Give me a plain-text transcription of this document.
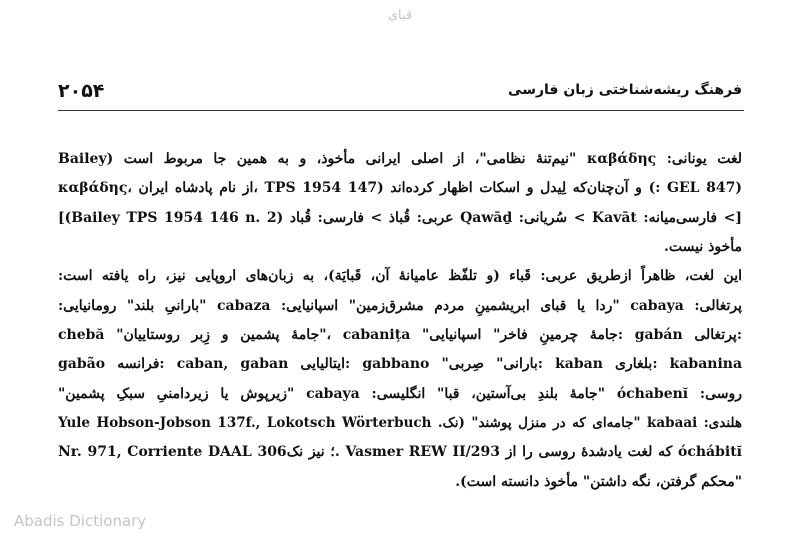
قبای
فرهنگ ریشه‌شناختی زبان فارسی
۲۰۵۴
لغت یونانی: καβάδης "نیم‌تنهٔ نظامی"، از اصلی ایرانی مأخوذ، و به همین جا مربوط است (Bailey
καβάδης، از نام پادشاه ایران، TPS 1954 147) و آن‌چنان‌که لِیدل و اسکات اظهار کرده‌اند (: GEL 847)
[> فارسی‌میانه: Kavāt > سُریانی: Qawāḏ عربی: قُباذ > فارسی: قُباد (Bailey TPS 1954 146 n. 2)]
مأخوذ نیست.
این لغت، ظاهراً ازطریق عربی: قَباء (و تلفّظ عامیانهٔ آن، قَبایَة)، به زبان‌های اروپایی نیز، راه یافته است:
پرتغالی: cabaya "ردا یا قبای ابریشمینِ مردم مشرق‌زمین" اسپانیایی: cabaza "بارانیِ بلند" رومانیایی:
chebă "جامهٔ پشمین و زِبر روستاییان"، cabanița "جامهٔ چرمینِ فاخر" اسپانیایی: gabán پرتغالی:
gabão فرانسه: caban, gaban ایتالیایی: gabbano "بارانی" صِربی: kaban بلغاری: kabanina
روسی: óchabenĭ "جامهٔ بلندِ بی‌آستین، قبا" انگلیسی: cabaya "زیرپوش یا زیردامنیِ سبکِ پشمین"
هلندی: kabaai "جامه‌ای که در منزل پوشند" (نک. Yule Hobson-Jobson 137f., Lokotsch Wörterbuch
Nr. 971, Corriente DAAL 306؛ نیز نک. Vasmer REW II/293 که لغت یادشدهٔ روسی را از óchábitĭ
"محکم گرفتن، نگه داشتن" مأخوذ دانسته است).
Abadis Dictionary
